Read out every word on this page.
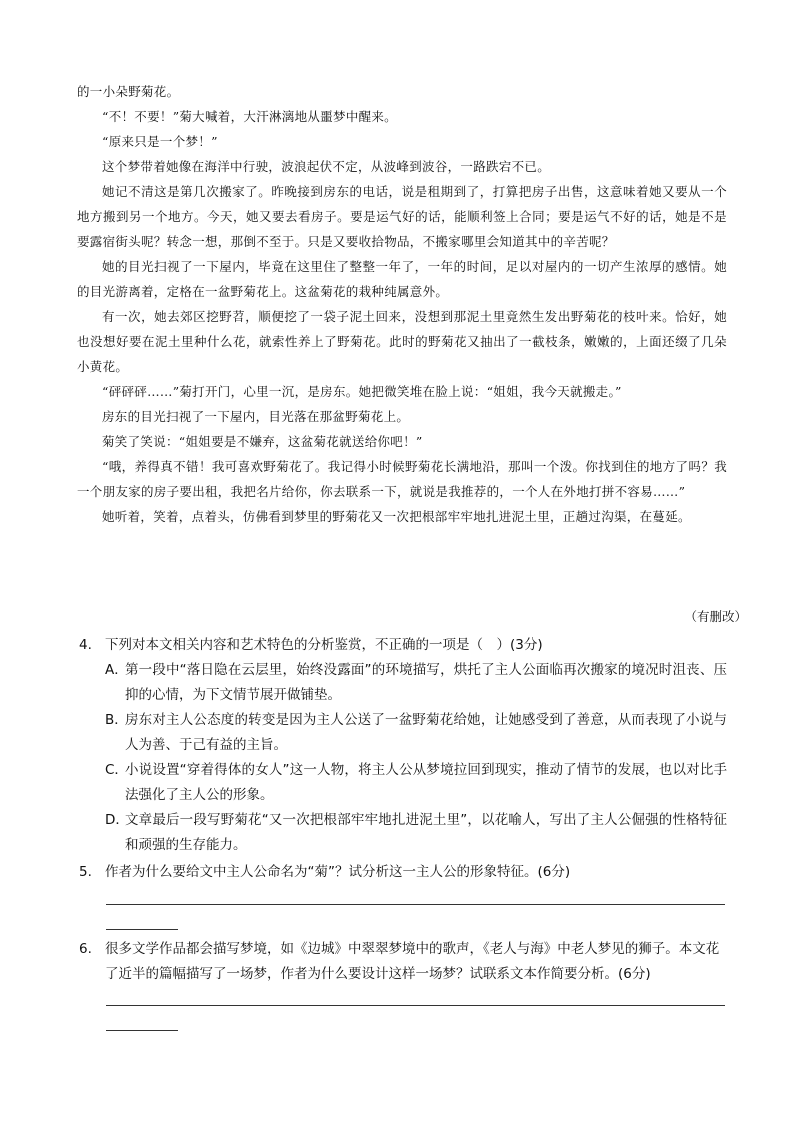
的一小朵野菊花。

“不！不要！”菊大喊着，大汗淋漓地从噩梦中醒来。

“原来只是一个梦！”

这个梦带着她像在海洋中行驶，波浪起伏不定，从波峰到波谷，一路跌宕不已。

她记不清这是第几次搬家了。昨晚接到房东的电话，说是租期到了，打算把房子出售，这意味着她又要从一个地方搬到另一个地方。今天，她又要去看房子。要是运气好的话，能顺利签上合同；要是运气不好的话，她是不是要露宿街头呢？转念一想，那倒不至于。只是又要收拾物品，不搬家哪里会知道其中的辛苦呢？

她的目光扫视了一下屋内，毕竟在这里住了整整一年了，一年的时间，足以对屋内的一切产生浓厚的感情。她的目光游离着，定格在一盆野菊花上。这盆菊花的栽种纯属意外。

有一次，她去郊区挖野苕，顺便挖了一袋子泥土回来，没想到那泥土里竟然生发出野菊花的枝叶来。恰好，她也没想好要在泥土里种什么花，就索性养上了野菊花。此时的野菊花又抽出了一截枝条，嫩嫩的，上面还缀了几朵小黄花。

“砰砰砰……”菊打开门，心里一沉，是房东。她把微笑堆在脸上说：“姐姐，我今天就搬走。”

房东的目光扫视了一下屋内，目光落在那盆野菊花上。

菊笑了笑说：“姐姐要是不嫌弃，这盆菊花就送给你吧！”

“哦，养得真不错！我可喜欢野菊花了。我记得小时候野菊花长满地沿，那叫一个泼。你找到住的地方了吗？我一个朋友家的房子要出租，我把名片给你，你去联系一下，就说是我推荐的，一个人在外地打拼不容易……”

她听着，笑着，点着头，仿佛看到梦里的野菊花又一次把根部牢牢地扎进泥土里，正趟过沟渠，在蔓延。

（有删改）
4. 下列对本文相关内容和艺术特色的分析鉴赏，不正确的一项是（　）(3分)
A．
第一段中“落日隐在云层里，始终没露面”的环境描写，烘托了主人公面临再次搬家的境况时沮丧、压抑的心情，为下文情节展开做铺垫。
B．
房东对主人公态度的转变是因为主人公送了一盆野菊花给她，让她感受到了善意，从而表现了小说与人为善、于己有益的主旨。
C．
小说设置“穿着得体的女人”这一人物，将主人公从梦境拉回到现实，推动了情节的发展，也以对比手法强化了主人公的形象。
D．
文章最后一段写野菊花“又一次把根部牢牢地扎进泥土里”，以花喻人，写出了主人公倔强的性格特征和顽强的生存能力。
5. 作者为什么要给文中主人公命名为“菊”？试分析这一主人公的形象特征。(6分)
6. 很多文学作品都会描写梦境，如《边城》中翠翠梦境中的歌声，《老人与海》中老人梦见的狮子。本文花了近半的篇幅描写了一场梦，作者为什么要设计这样一场梦？试联系文本作简要分析。(6分)
